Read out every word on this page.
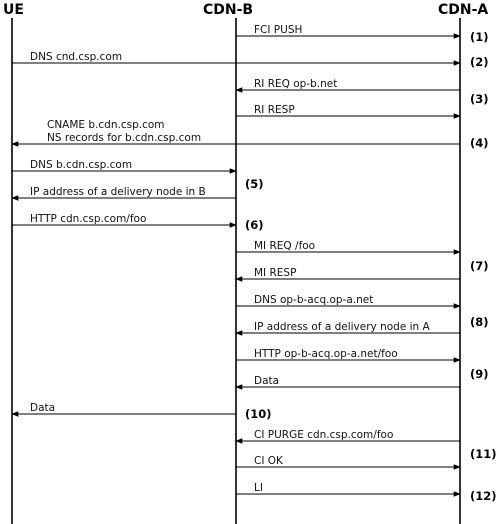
UE	CDN-B	CDN-A
FCI PUSH
DNS cnd.csp.com
RI REQ op-b.net
RI RESP
CNAME b.cdn.csp.com
NS records for b.cdn.csp.com
DNS b.cdn.csp.com
IP address of a delivery node in B
HTTP cdn.csp.com/foo
MI REQ /foo
MI RESP
DNS op-b-acq.op-a.net
IP address of a delivery node in A
HTTP op-b-acq.op-a.net/foo
Data
Data
CI PURGE cdn.csp.com/foo
CI OK
LI
(1)
(2)
(3)
(4)
(5)
(6)
(7)
(8)
(9)
(10)
(11)
(12)
